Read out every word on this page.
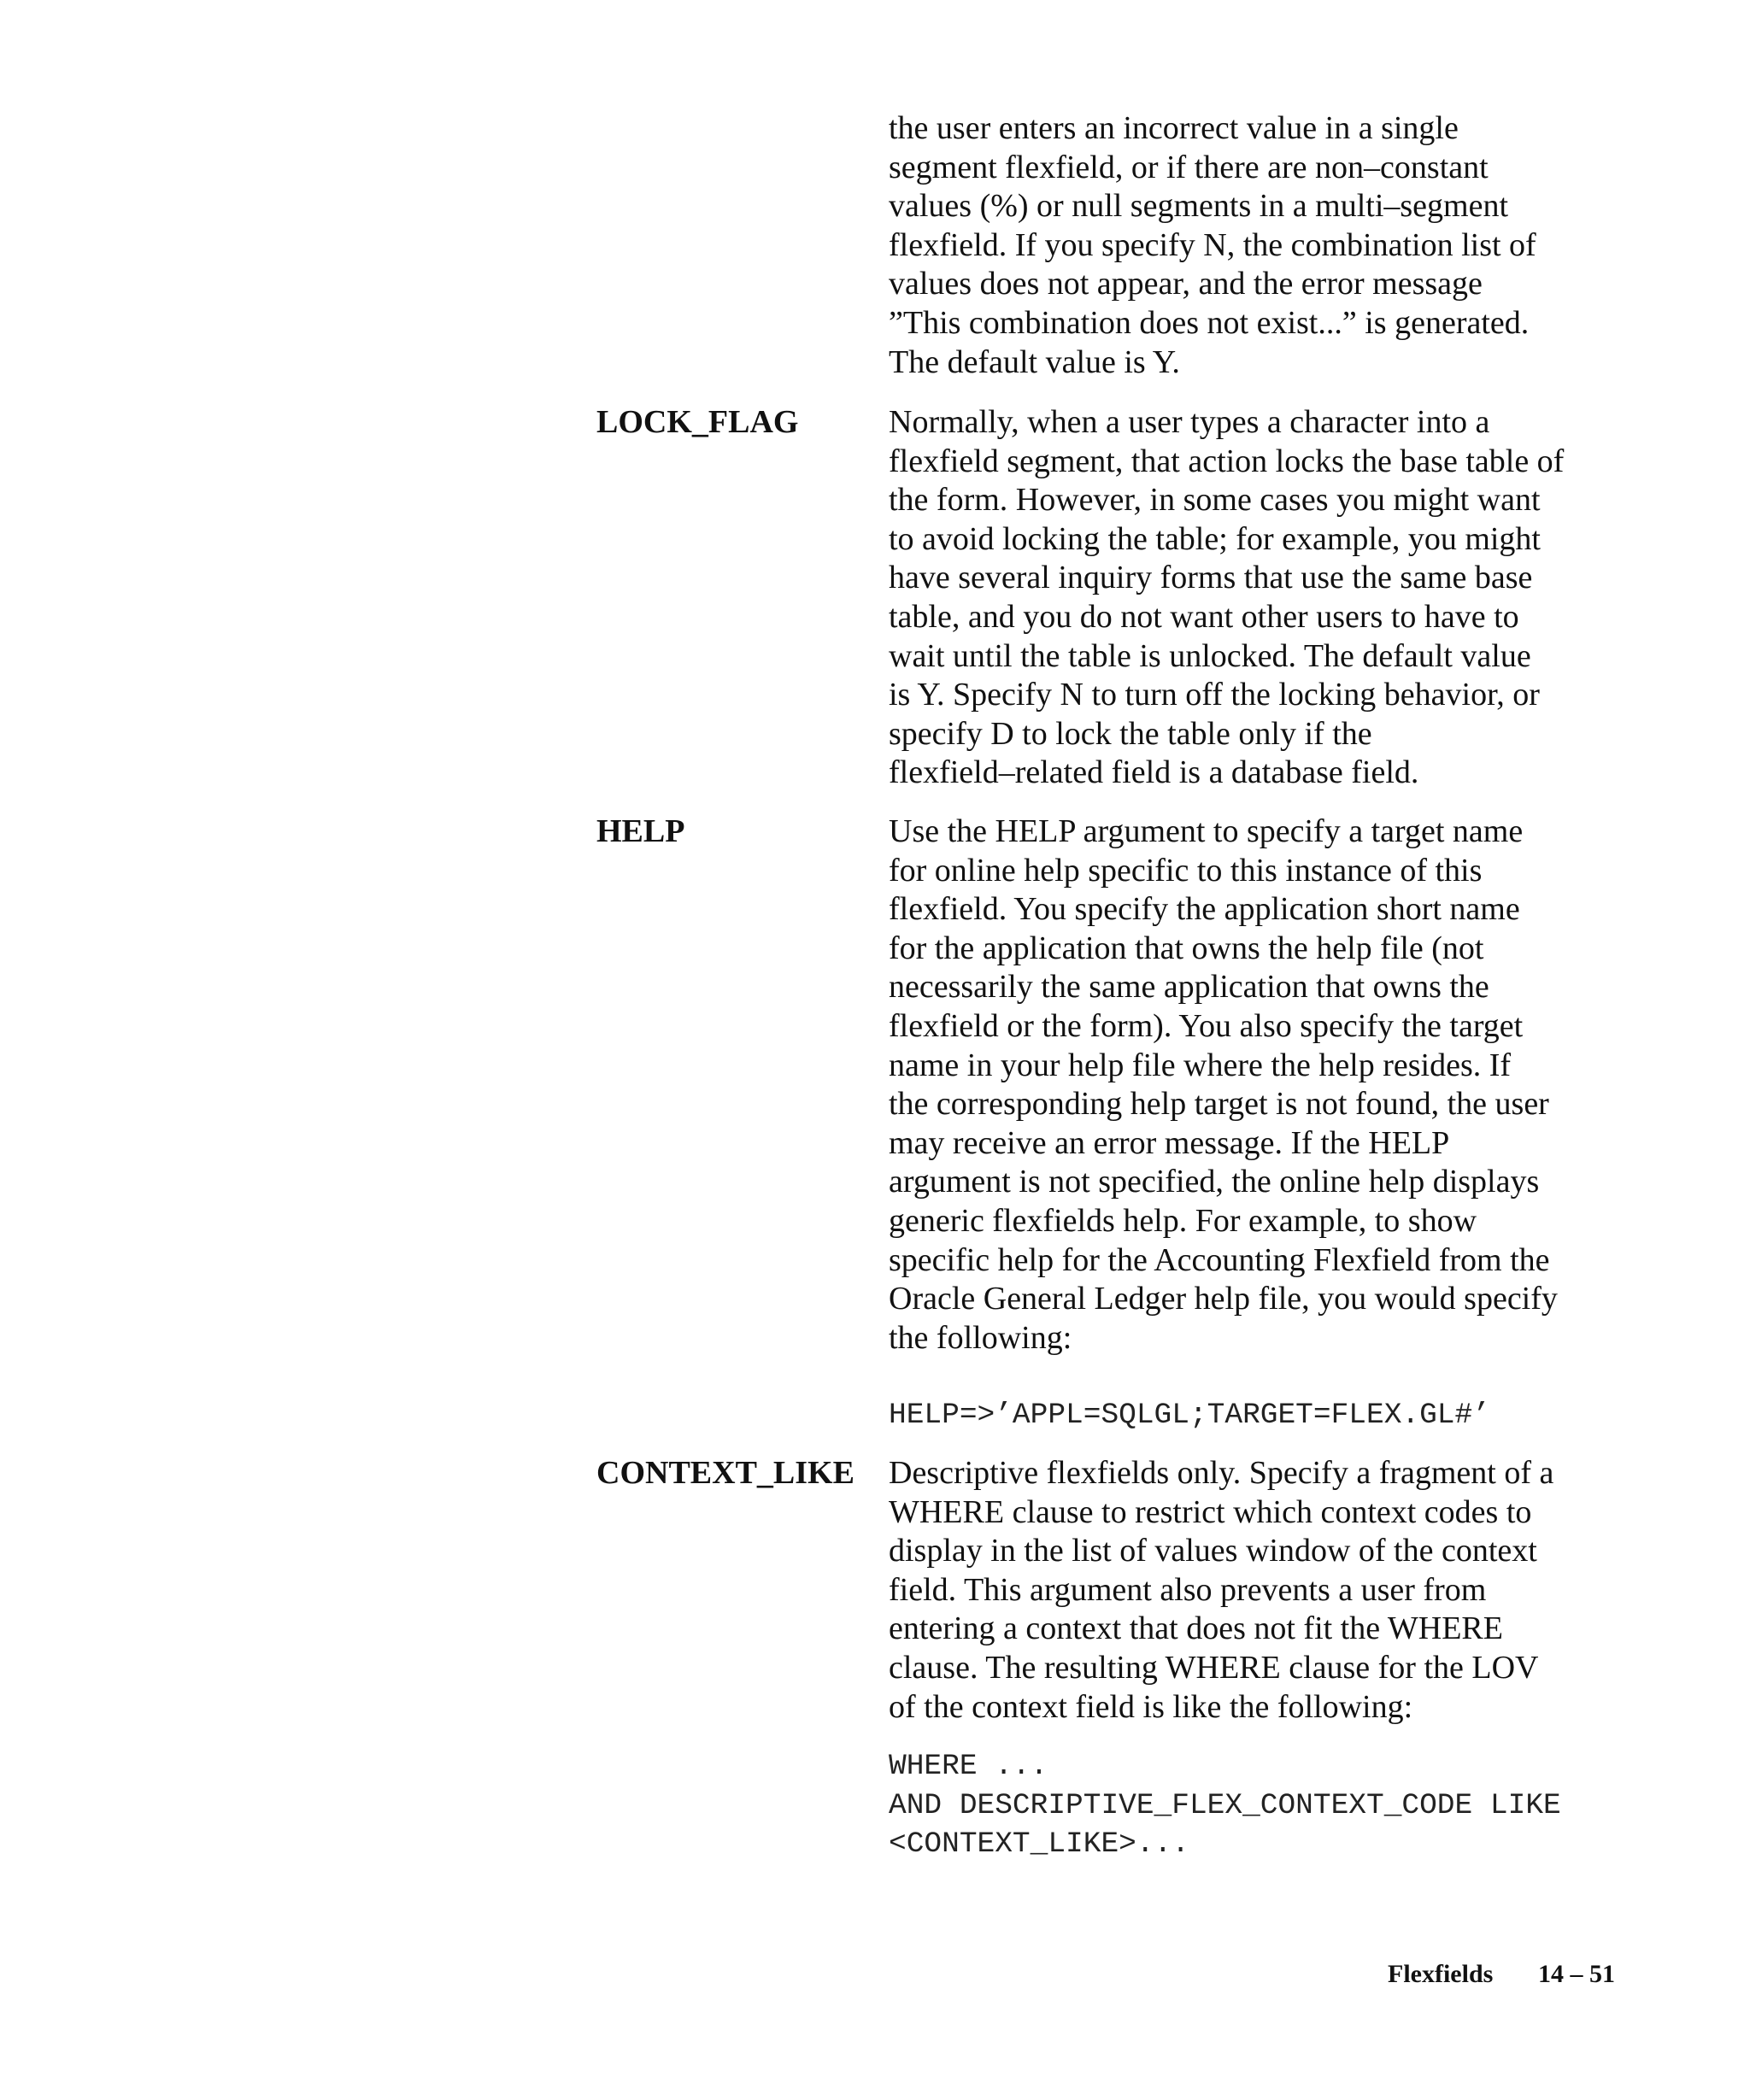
the user enters an incorrect value in a single
segment flexfield, or if there are non–constant
values (%) or null segments in a multi–segment
flexfield. If you specify N, the combination list of
values does not appear, and the error message
”This combination does not exist...” is generated.
The default value is Y.

LOCK_FLAG	Normally, when a user types a character into a
flexfield segment, that action locks the base table of
the form. However, in some cases you might want
to avoid locking the table; for example, you might
have several inquiry forms that use the same base
table, and you do not want other users to have to
wait until the table is unlocked. The default value
is Y. Specify N to turn off the locking behavior, or
specify D to lock the table only if the
flexfield–related field is a database field.

HELP	Use the HELP argument to specify a target name
for online help specific to this instance of this
flexfield. You specify the application short name
for the application that owns the help file (not
necessarily the same application that owns the
flexfield or the form). You also specify the target
name in your help file where the help resides. If
the corresponding help target is not found, the user
may receive an error message. If the HELP
argument is not specified, the online help displays
generic flexfields help. For example, to show
specific help for the Accounting Flexfield from the
Oracle General Ledger help file, you would specify
the following:

HELP=>’APPL=SQLGL;TARGET=FLEX.GL#’
CONTEXT_LIKE Descriptive flexfields only. Specify a fragment of a
WHERE clause to restrict which context codes to
display in the list of values window of the context
field. This argument also prevents a user from
entering a context that does not fit the WHERE
clause. The resulting WHERE clause for the LOV
of the context field is like the following:

WHERE ...
AND DESCRIPTIVE_FLEX_CONTEXT_CODE LIKE
<CONTEXT_LIKE>...
Flexfields 14 – 51
